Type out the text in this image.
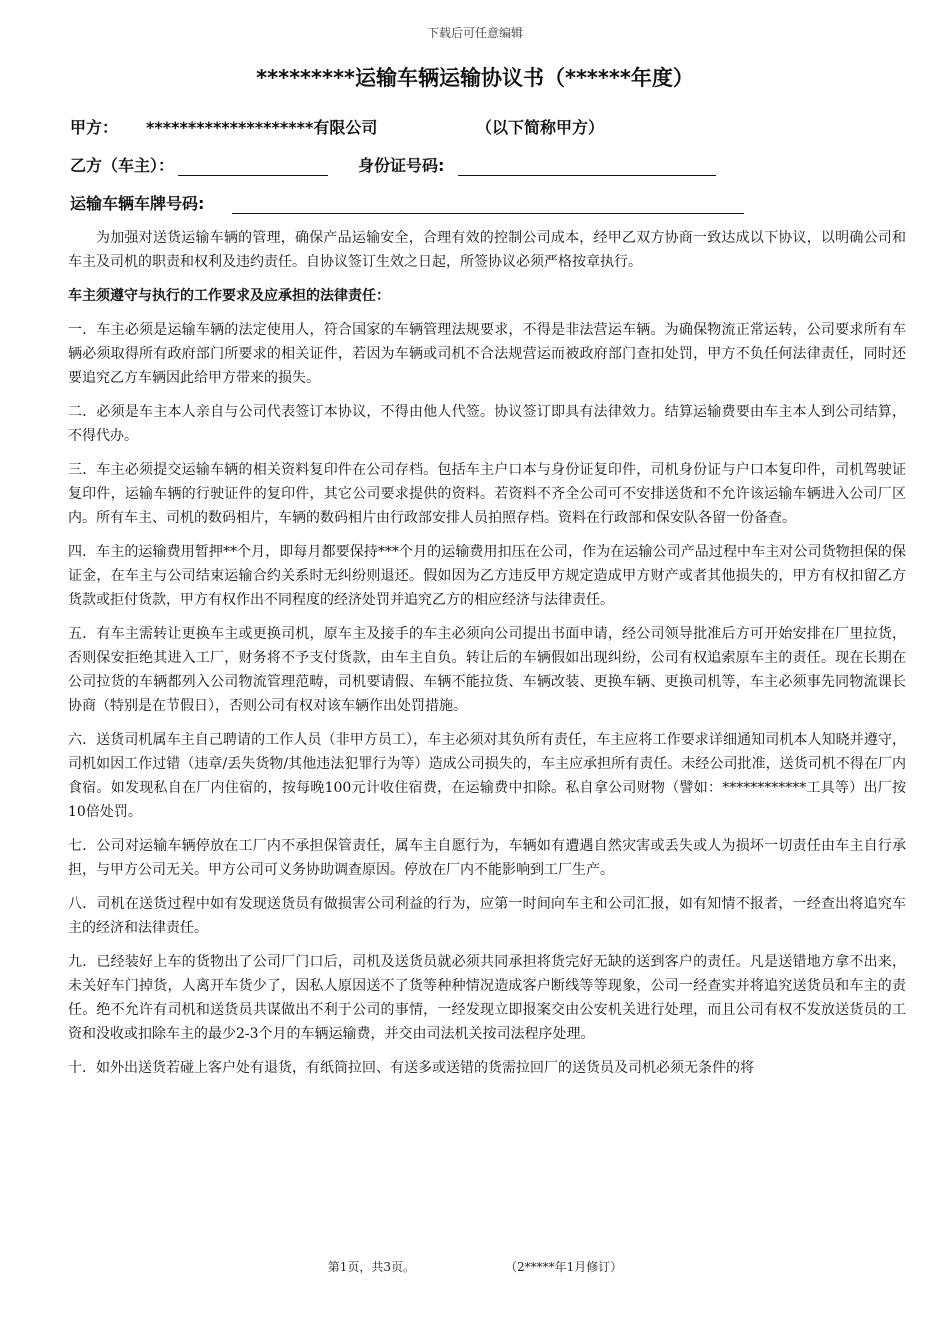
下载后可任意编辑
*********运输车辆运输协议书（******年度）
甲方：	********************有限公司	（以下简称甲方）
乙方（车主）：	身份证号码:
运输车辆车牌号码:

为加强对送货运输车辆的管理，确保产品运输安全，合理有效的控制公司成本，经甲乙双方协商一致达成以下协议，以明确公司和车主及司机的职责和权利及违约责任。自协议签订生效之日起，所签协议必须严格按章执行。

车主须遵守与执行的工作要求及应承担的法律责任：

一．车主必须是运输车辆的法定使用人，符合国家的车辆管理法规要求，不得是非法营运车辆。为确保物流正常运转，公司要求所有车辆必须取得所有政府部门所要求的相关证件，若因为车辆或司机不合法规营运而被政府部门查扣处罚，甲方不负任何法律责任，同时还要追究乙方车辆因此给甲方带来的损失。

二．必须是车主本人亲自与公司代表签订本协议，不得由他人代签。协议签订即具有法律效力。结算运输费要由车主本人到公司结算，不得代办。

三．车主必须提交运输车辆的相关资料复印件在公司存档。包括车主户口本与身份证复印件，司机身份证与户口本复印件，司机驾驶证复印件，运输车辆的行驶证件的复印件，其它公司要求提供的资料。若资料不齐全公司可不安排送货和不允许该运输车辆进入公司厂区内。所有车主、司机的数码相片，车辆的数码相片由行政部安排人员拍照存档。资料在行政部和保安队各留一份备查。

四．车主的运输费用暂押**个月，即每月都要保持***个月的运输费用扣压在公司，作为在运输公司产品过程中车主对公司货物担保的保证金，在车主与公司结束运输合约关系时无纠纷则退还。假如因为乙方违反甲方规定造成甲方财产或者其他损失的，甲方有权扣留乙方货款或拒付货款，甲方有权作出不同程度的经济处罚并追究乙方的相应经济与法律责任。

五．有车主需转让更换车主或更换司机，原车主及接手的车主必须向公司提出书面申请，经公司领导批准后方可开始安排在厂里拉货，否则保安拒绝其进入工厂，财务将不予支付货款，由车主自负。转让后的车辆假如出现纠纷，公司有权追索原车主的责任。现在长期在公司拉货的车辆都列入公司物流管理范畴，司机要请假、车辆不能拉货、车辆改装、更换车辆、更换司机等，车主必须事先同物流课长协商（特别是在节假日），否则公司有权对该车辆作出处罚措施。

六．送货司机属车主自己聘请的工作人员（非甲方员工），车主必须对其负所有责任，车主应将工作要求详细通知司机本人知晓并遵守，司机如因工作过错（违章/丢失货物/其他违法犯罪行为等）造成公司损失的，车主应承担所有责任。未经公司批准，送货司机不得在厂内食宿。如发现私自在厂内住宿的，按每晚100元计收住宿费，在运输费中扣除。私自拿公司财物（譬如：************工具等）出厂按10倍处罚。

七．公司对运输车辆停放在工厂内不承担保管责任，属车主自愿行为，车辆如有遭遇自然灾害或丢失或人为损坏一切责任由车主自行承担，与甲方公司无关。甲方公司可义务协助调查原因。停放在厂内不能影响到工厂生产。

八．司机在送货过程中如有发现送货员有做损害公司利益的行为，应第一时间向车主和公司汇报，如有知情不报者，一经查出将追究车主的经济和法律责任。

九．已经装好上车的货物出了公司厂门口后，司机及送货员就必须共同承担将货完好无缺的送到客户的责任。凡是送错地方拿不出来，未关好车门掉货，人离开车货少了，因私人原因送不了货等种种情况造成客户断线等等现象，公司一经查实并将追究送货员和车主的责任。绝不允许有司机和送货员共谋做出不利于公司的事情，一经发现立即报案交由公安机关进行处理，而且公司有权不发放送货员的工资和没收或扣除车主的最少2-3个月的车辆运输费，并交由司法机关按司法程序处理。

十．如外出送货若碰上客户处有退货，有纸筒拉回、有送多或送错的货需拉回厂的送货员及司机必须无条件的将

第1页，共3页。	（2*****年1月修订）
